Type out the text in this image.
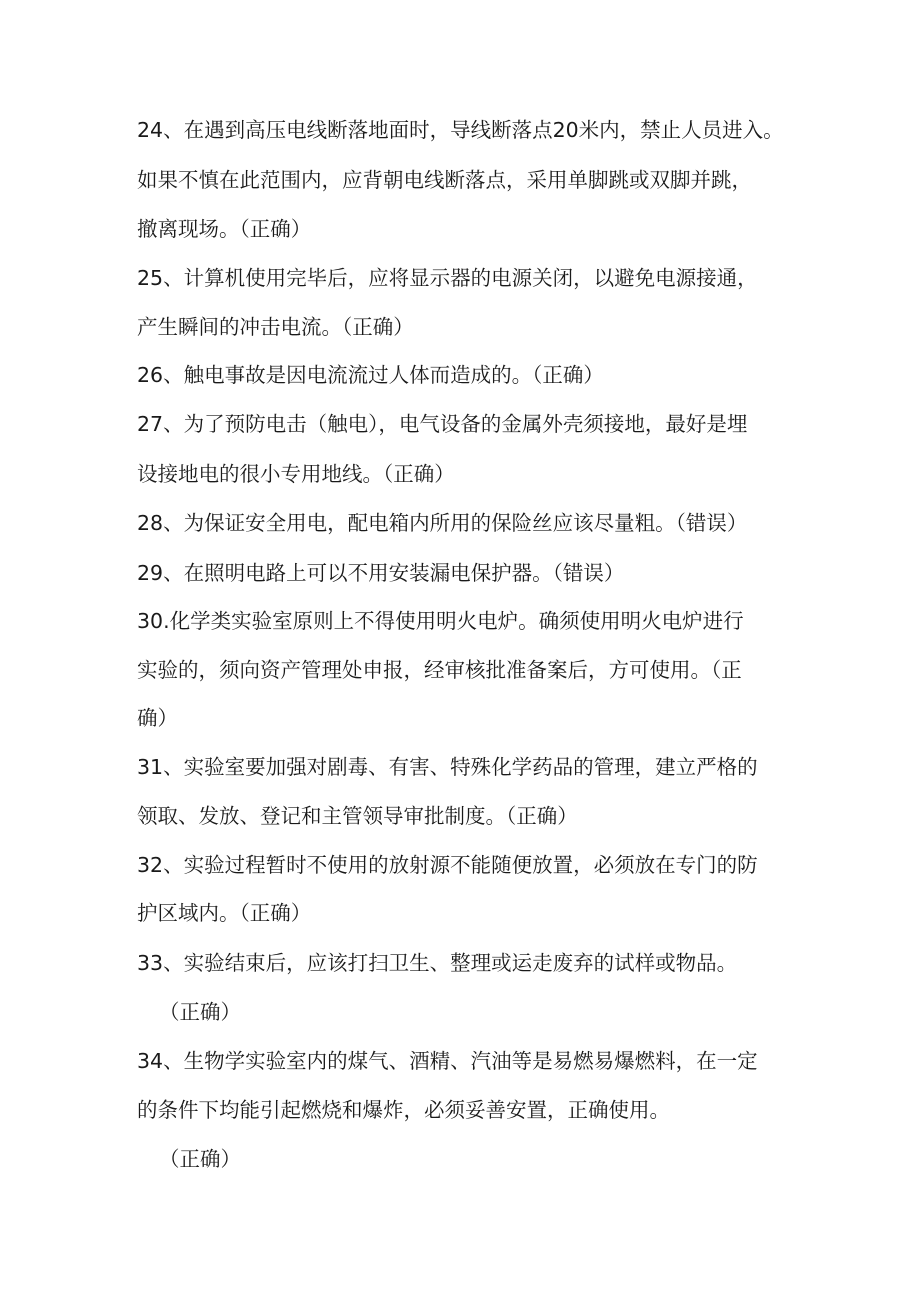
24、在遇到高压电线断落地面时，导线断落点20米内，禁止人员进入。
如果不慎在此范围内，应背朝电线断落点，采用单脚跳或双脚并跳，
撤离现场。（正确）
25、计算机使用完毕后，应将显示器的电源关闭，以避免电源接通，
产生瞬间的冲击电流。（正确）
26、触电事故是因电流流过人体而造成的。（正确）
27、为了预防电击（触电），电气设备的金属外壳须接地，最好是埋
设接地电的很小专用地线。（正确）
28、为保证安全用电，配电箱内所用的保险丝应该尽量粗。（错误）
29、在照明电路上可以不用安装漏电保护器。（错误）
30.化学类实验室原则上不得使用明火电炉。确须使用明火电炉进行
实验的，须向资产管理处申报，经审核批准备案后，方可使用。（正
确）
31、实验室要加强对剧毒、有害、特殊化学药品的管理，建立严格的
领取、发放、登记和主管领导审批制度。（正确）
32、实验过程暂时不使用的放射源不能随便放置，必须放在专门的防
护区域内。（正确）
33、实验结束后，应该打扫卫生、整理或运走废弃的试样或物品。
（正确）
34、生物学实验室内的煤气、酒精、汽油等是易燃易爆燃料，在一定
的条件下均能引起燃烧和爆炸，必须妥善安置，正确使用。
（正确）
